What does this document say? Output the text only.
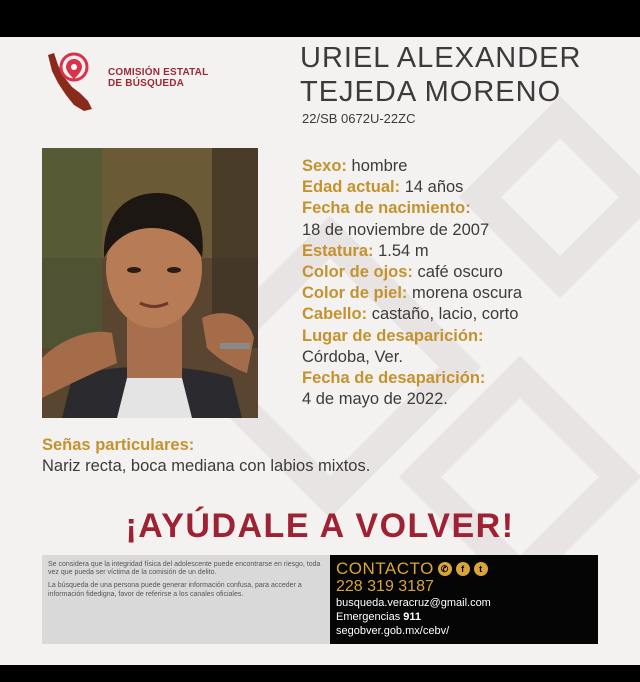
COMISIÓN ESTATAL
DE BÚSQUEDA
URIEL ALEXANDER
TEJEDA MORENO
22/SB 0672U-22ZC
Sexo: hombre
Edad actual: 14 años
Fecha de nacimiento:
18 de noviembre de 2007
Estatura: 1.54 m
Color de ojos: café oscuro
Color de piel: morena oscura
Cabello: castaño, lacio, corto
Lugar de desaparición:
Córdoba, Ver.
Fecha de desaparición:
4 de mayo de 2022.
Señas particulares:
Nariz recta, boca mediana con labios mixtos.
¡AYÚDALE A VOLVER!

Se considera que la integridad física del adolescente puede encontrarse en riesgo, toda vez que pueda ser víctima de la comisión de un delito.

La búsqueda de una persona puede generar información confusa, para acceder a información fidedigna, favor de referirse a los canales oficiales.

CONTACTO ✆	f	t
228 319 3187
busqueda.veracruz@gmail.com
Emergencias 911
segobver.gob.mx/cebv/
